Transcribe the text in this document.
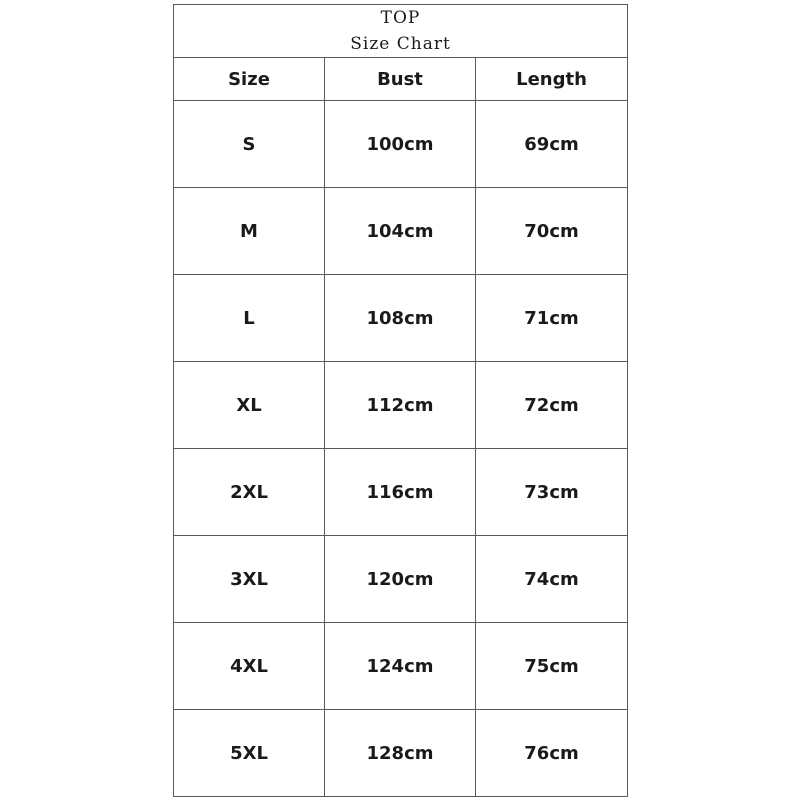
TOP
Size Chart		

Size	Bust	Length
S	100cm	69cm
M	104cm	70cm
L	108cm	71cm
XL	112cm	72cm
2XL	116cm	73cm
3XL	120cm	74cm
4XL	124cm	75cm
5XL	128cm	76cm
